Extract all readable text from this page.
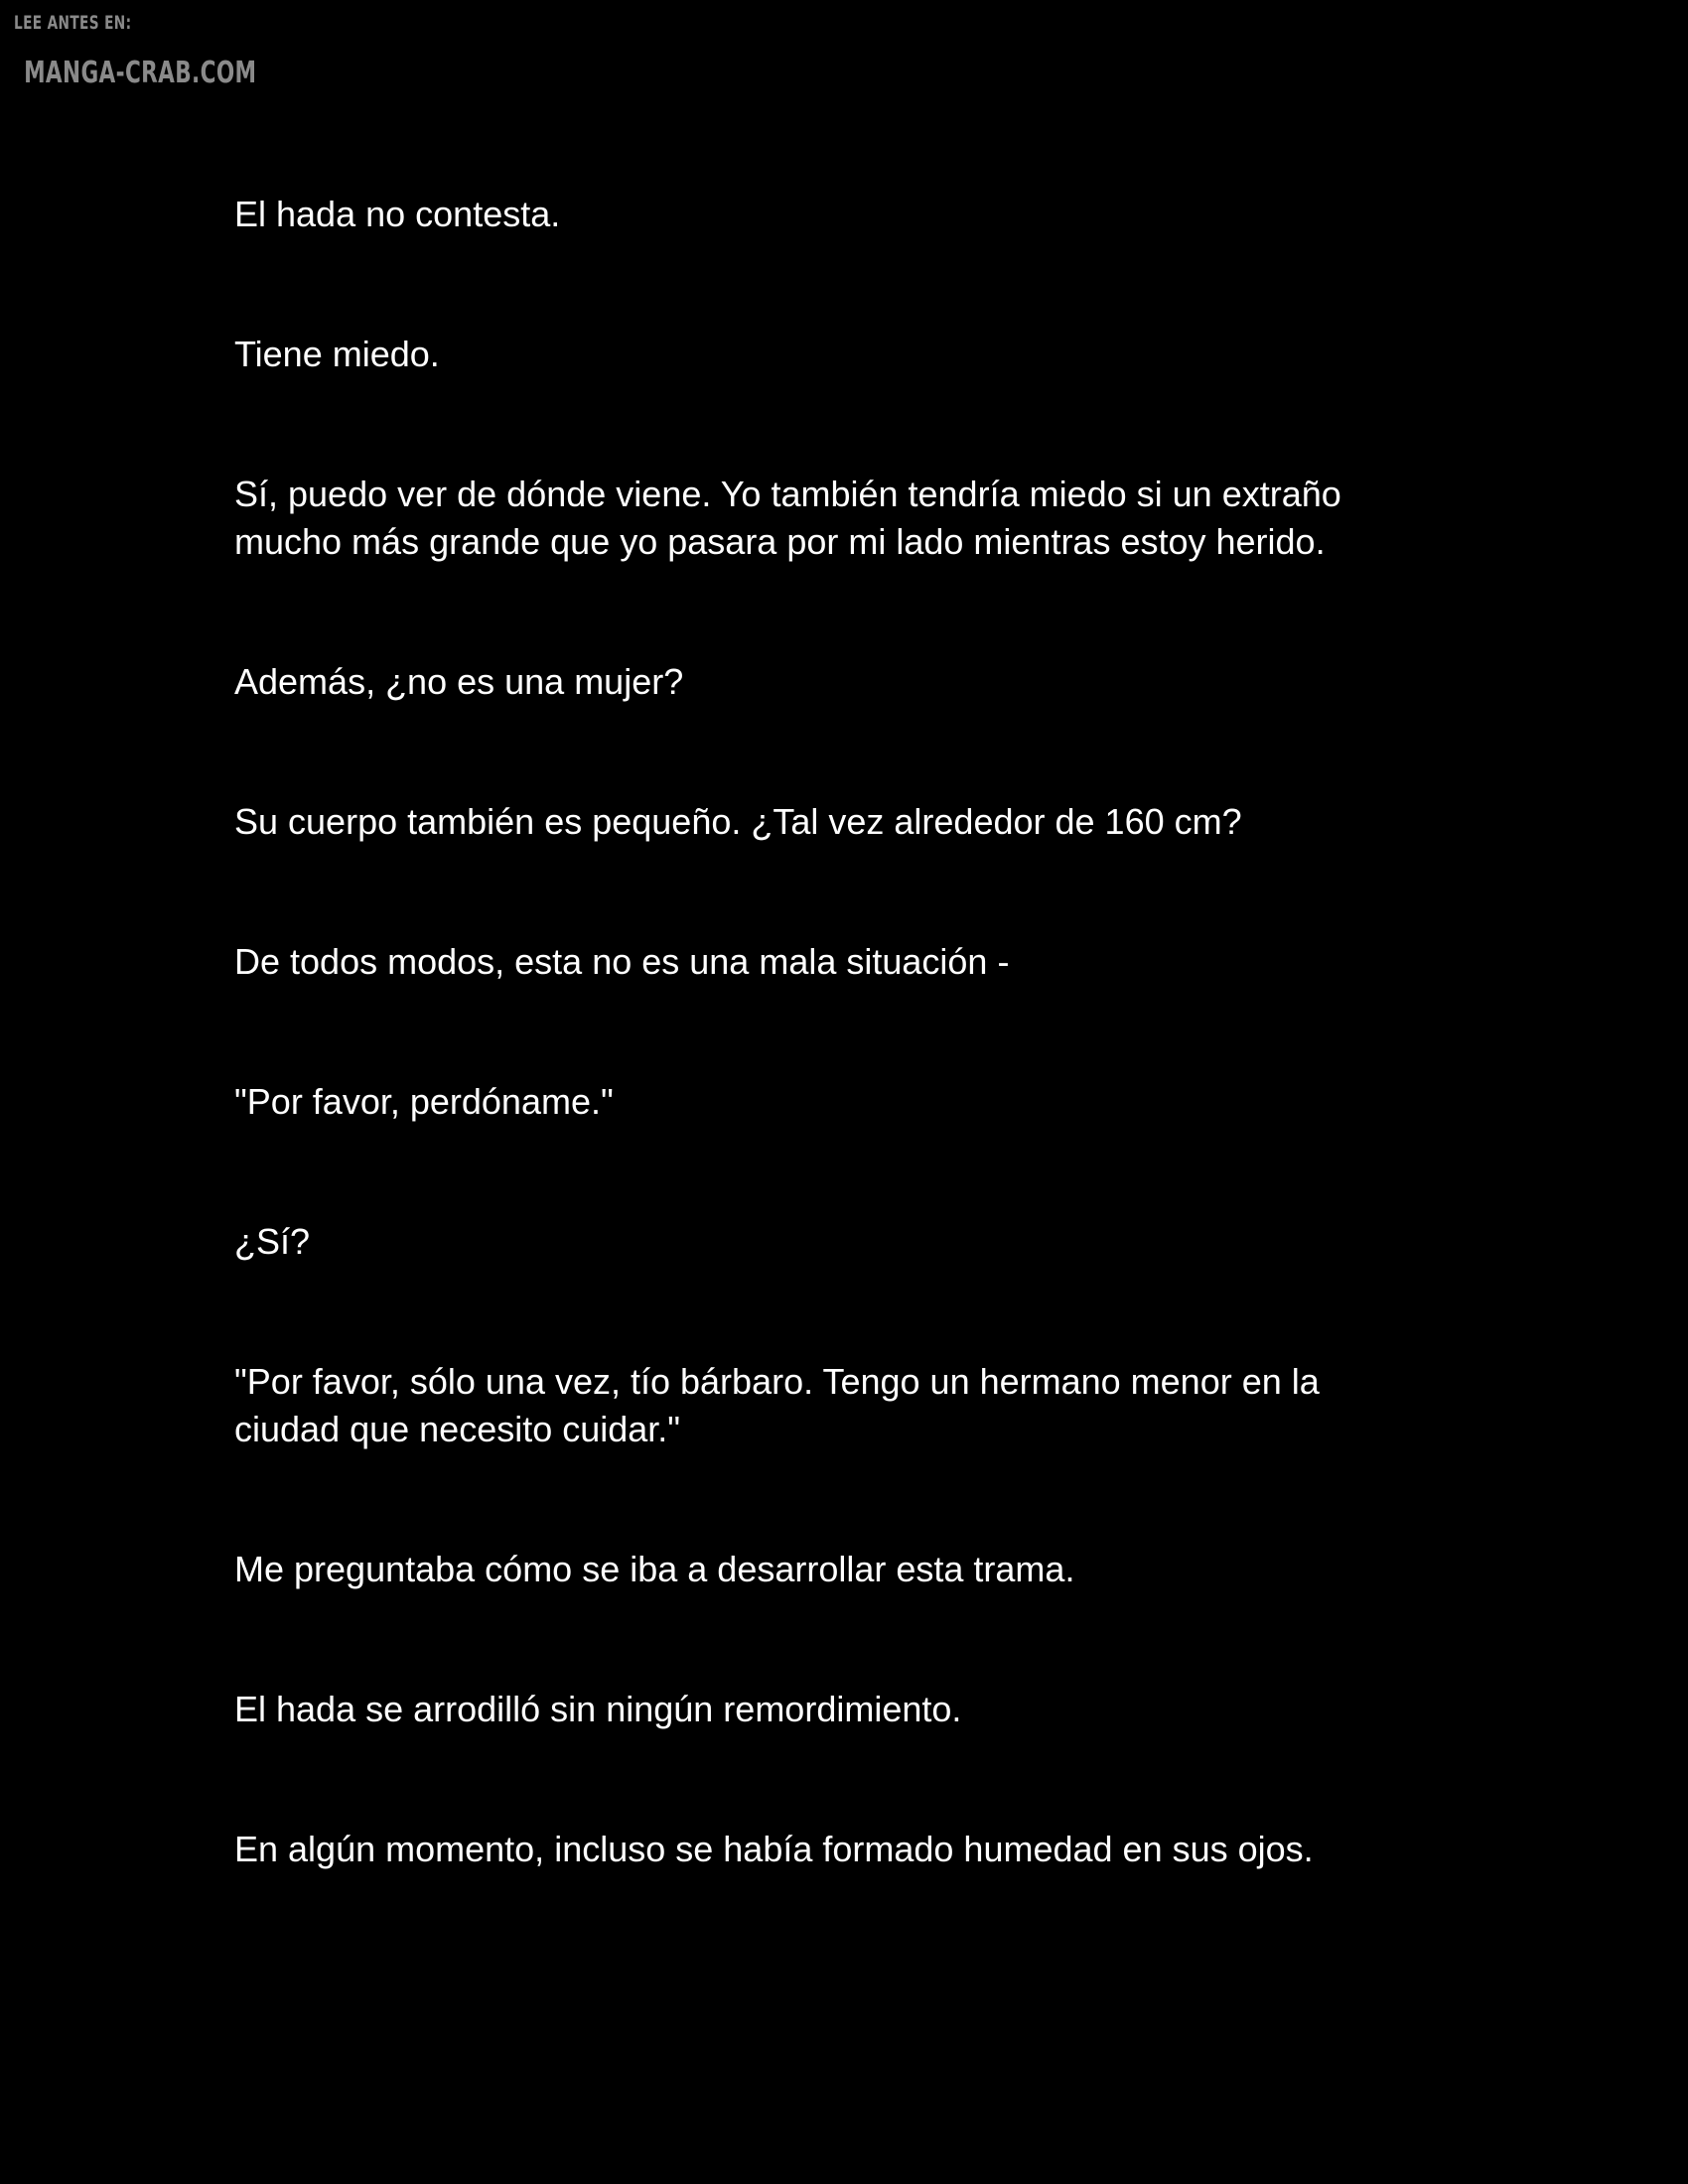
LEE ANTES EN:
MANGA-CRAB.COM

El hada no contesta.

Tiene miedo.

Sí, puedo ver de dónde viene. Yo también tendría miedo si un extraño
mucho más grande que yo pasara por mi lado mientras estoy herido.

Además, ¿no es una mujer?

Su cuerpo también es pequeño. ¿Tal vez alrededor de 160 cm?

De todos modos, esta no es una mala situación -

"Por favor, perdóname."

¿Sí?

"Por favor, sólo una vez, tío bárbaro. Tengo un hermano menor en la
ciudad que necesito cuidar."

Me preguntaba cómo se iba a desarrollar esta trama.

El hada se arrodilló sin ningún remordimiento.

En algún momento, incluso se había formado humedad en sus ojos.
